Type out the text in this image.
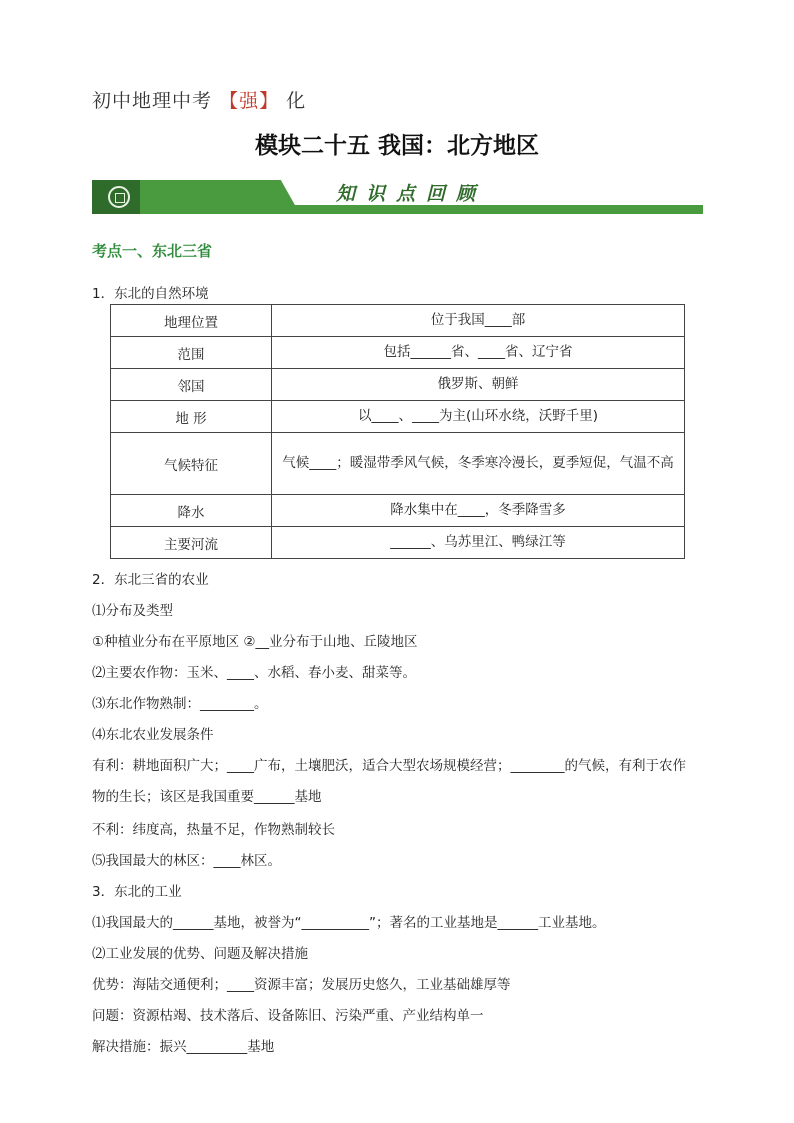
初中地理中考 【强】 化
模块二十五 我国：北方地区
知识点回顾
考点一、东北三省
1．东北的自然环境
地理位置	位于我国____部
范围	包括______省、____省、辽宁省
邻国	俄罗斯、朝鲜
地 形	以____、____为主(山环水绕，沃野千里)
气候特征	气候____；暖湿带季风气候，冬季寒冷漫长，夏季短促，气温不高
降水	降水集中在____，冬季降雪多
主要河流	______、乌苏里江、鸭绿江等
2．东北三省的农业
⑴分布及类型
①种植业分布在平原地区 ②__业分布于山地、丘陵地区
⑵主要农作物：玉米、____、水稻、春小麦、甜菜等。
⑶东北作物熟制：________。
⑷东北农业发展条件
有利：耕地面积广大；____广布，土壤肥沃，适合大型农场规模经营；________的气候，有利于农作
物的生长；该区是我国重要______基地
不利：纬度高，热量不足，作物熟制较长
⑸我国最大的林区：____林区。
3．东北的工业
⑴我国最大的______基地，被誉为“__________”；著名的工业基地是______工业基地。
⑵工业发展的优势、问题及解决措施
优势：海陆交通便利；____资源丰富；发展历史悠久，工业基础雄厚等
问题：资源枯竭、技术落后、设备陈旧、污染严重、产业结构单一
解决措施：振兴_________基地
